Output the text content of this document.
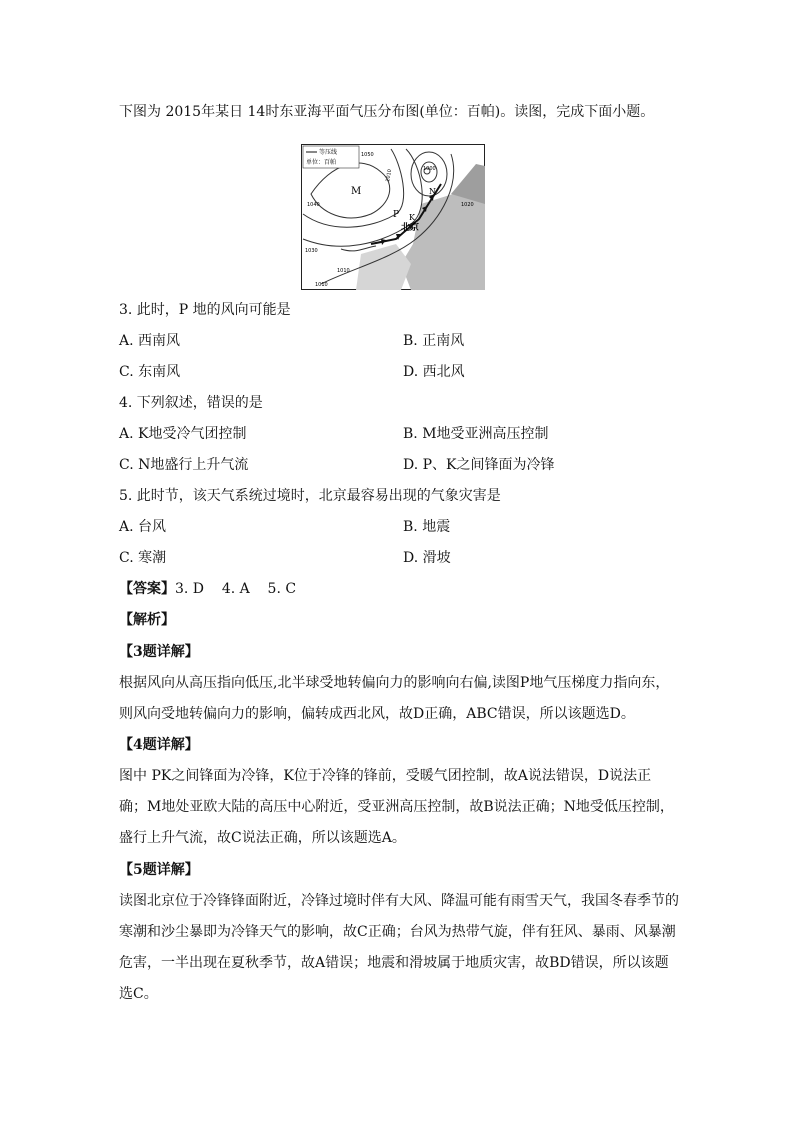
下图为 2015年某日 14时东亚海平面气压分布图(单位：百帕)。读图，完成下面小题。
等压线
单位：百帕
M
P
N
K
北京
1000
1010
1040
1050
1020
1030
1010
1010
3. 此时，P 地的风向可能是
A. 西南风	B. 正南风
C. 东南风	D. 西北风
4. 下列叙述，错误的是
A. K地受冷气团控制	B. M地受亚洲高压控制
C. N地盛行上升气流	D. P、K之间锋面为冷锋
5. 此时节，该天气系统过境时，北京最容易出现的气象灾害是
A. 台风	B. 地震
C. 寒潮	D. 滑坡
【答案】3. D    4. A    5. C
【解析】
【3题详解】
根据风向从高压指向低压,北半球受地转偏向力的影响向右偏,读图P地气压梯度力指向东，则风向受地转偏向力的影响，偏转成西北风，故D正确，ABC错误，所以该题选D。
【4题详解】
图中 PK之间锋面为冷锋，K位于冷锋的锋前，受暖气团控制，故A说法错误，D说法正确；M地处亚欧大陆的高压中心附近，受亚洲高压控制，故B说法正确；N地受低压控制，盛行上升气流，故C说法正确，所以该题选A。
【5题详解】
读图北京位于冷锋锋面附近，冷锋过境时伴有大风、降温可能有雨雪天气，我国冬春季节的寒潮和沙尘暴即为冷锋天气的影响，故C正确；台风为热带气旋，伴有狂风、暴雨、风暴潮危害，一半出现在夏秋季节，故A错误；地震和滑坡属于地质灾害，故BD错误，所以该题选C。
